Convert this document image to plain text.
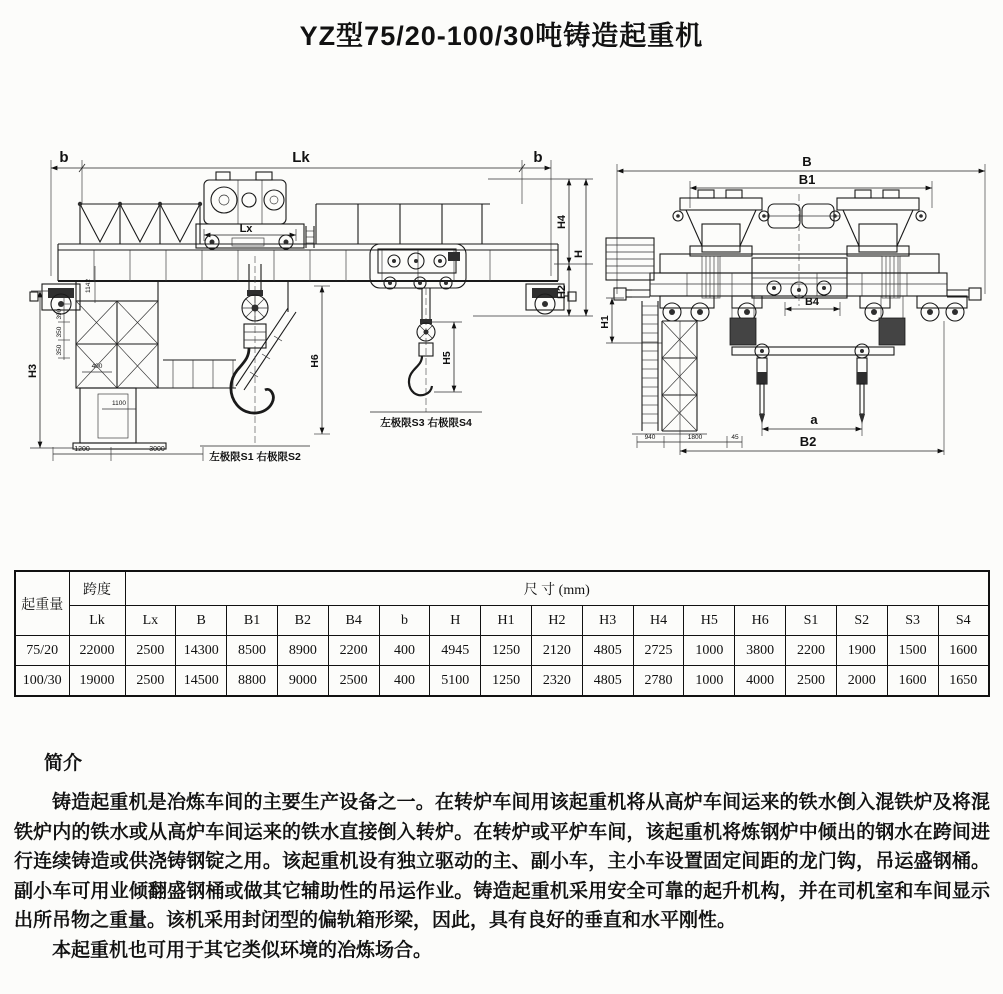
YZ型75/20-100/30吨铸造起重机
b	b
Lk
Lx
H3
390
350
350
1142
400
1100
1200	3000
左极限S1 右极限S2
H6	H5
左极限S3 右极限S4
H4
H
H2
B
B1
H1
B4
a
940	1800	45	B2
起重量	跨度	尺 寸 (mm)																
	Lk	Lx	B	B1	B2	B4	b	H	H1	H2	H3	H4	H5	H6	S1	S2	S3	S4
75/20	22000	2500	14300	8500	8900	2200	400	4945	1250	2120	4805	2725	1000	3800	2200	1900	1500	1600
100/30	19000	2500	14500	8800	9000	2500	400	5100	1250	2320	4805	2780	1000	4000	2500	2000	1600	1650
简介

铸造起重机是冶炼车间的主要生产设备之一。在转炉车间用该起重机将从高炉车间运来的铁水倒入混铁炉及将混铁炉内的铁水或从高炉车间运来的铁水直接倒入转炉。在转炉或平炉车间，该起重机将炼钢炉中倾出的钢水在跨间进行连续铸造或供浇铸钢锭之用。该起重机设有独立驱动的主、副小车，主小车设置固定间距的龙门钩，吊运盛钢桶。副小车可用业倾翻盛钢桶或做其它辅助性的吊运作业。铸造起重机采用安全可靠的起升机构，并在司机室和车间显示出所吊物之重量。该机采用封闭型的偏轨箱形梁，因此，具有良好的垂直和水平刚性。

本起重机也可用于其它类似环境的冶炼场合。
